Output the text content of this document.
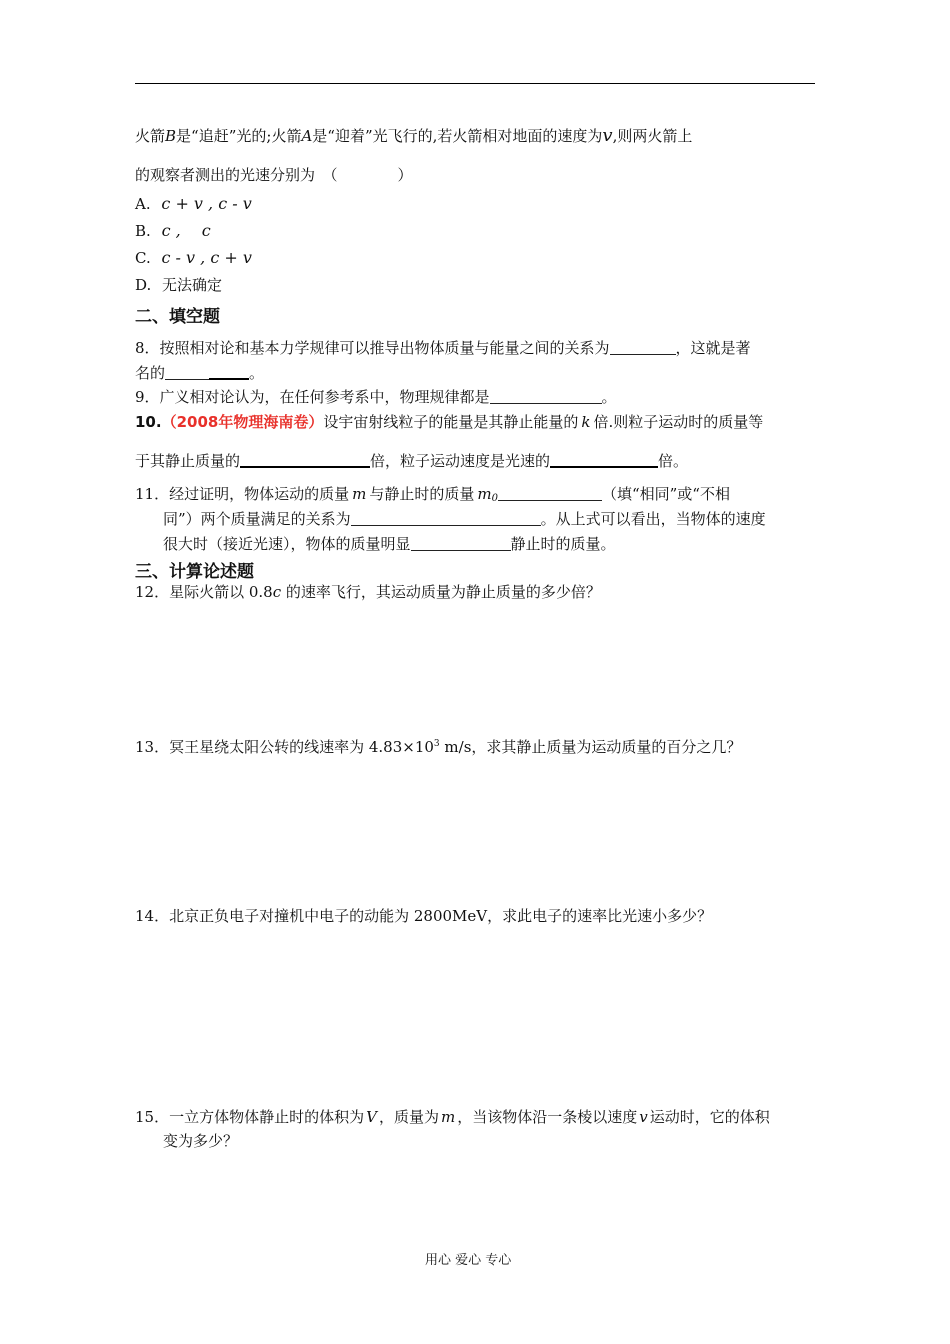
火箭B是“追赶”光的;火箭A是“迎着”光飞行的,若火箭相对地面的速度为v,则两火箭上
的观察者测出的光速分别为　（　　　　）
A. c + v , c - v
B. c ,　 c
C. c - v , c + v
D. 无法确定
二、填空题
8．按照相对论和基本力学规律可以推导出物体质量与能量之间的关系为	，这就是著
名的	。
9．广义相对论认为，在任何参考系中，物理规律都是	。
10.（2008年物理海南卷）设宇宙射线粒子的能量是其静止能量的 k 倍.则粒子运动时的质量等
于其静止质量的	倍，粒子运动速度是光速的	倍。
11．经过证明，物体运动的质量 m 与静止时的质量 $m_0$	（填“相同”或“不相
同”）两个质量满足的关系为	。从上式可以看出，当物体的速度
很大时（接近光速），物体的质量明显	静止时的质量。
三、计算论述题
12．星际火箭以 0.8c 的速率飞行，其运动质量为静止质量的多少倍？
13．冥王星绕太阳公转的线速率为 $4.83\times 10^3$ m/s，求其静止质量为运动质量的百分之几？
14．北京正负电子对撞机中电子的动能为 2800MeV，求此电子的速率比光速小多少？
15．一立方体物体静止时的体积为 V ，质量为 m ，当该物体沿一条棱以速度 v 运动时，它的体积
变为多少？
用心 爱心 专心
